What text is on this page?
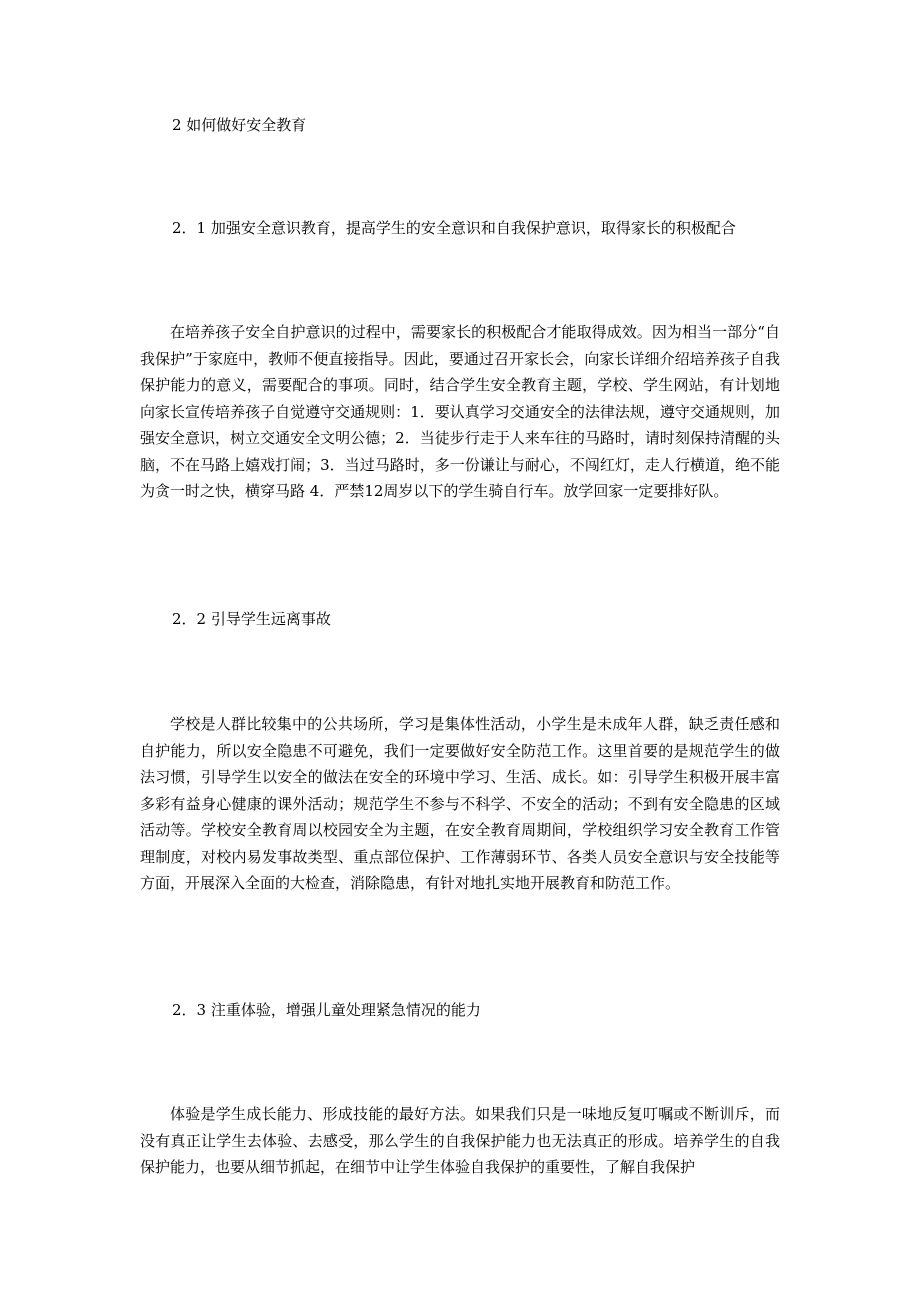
2 如何做好安全教育
2．1 加强安全意识教育，提高学生的安全意识和自我保护意识，取得家长的积极配合
在培养孩子安全自护意识的过程中，需要家长的积极配合才能取得成效。因为相当一部分“自我保护”于家庭中，教师不便直接指导。因此，要通过召开家长会，向家长详细介绍培养孩子自我保护能力的意义，需要配合的事项。同时，结合学生安全教育主题，学校、学生网站，有计划地向家长宣传培养孩子自觉遵守交通规则：1．要认真学习交通安全的法律法规，遵守交通规则，加强安全意识，树立交通安全文明公德；2．当徒步行走于人来车往的马路时，请时刻保持清醒的头脑，不在马路上嬉戏打闹；3．当过马路时，多一份谦让与耐心，不闯红灯，走人行横道，绝不能为贪一时之快，横穿马路 4．严禁12周岁以下的学生骑自行车。放学回家一定要排好队。
2．2 引导学生远离事故
学校是人群比较集中的公共场所，学习是集体性活动，小学生是未成年人群，缺乏责任感和自护能力，所以安全隐患不可避免，我们一定要做好安全防范工作。这里首要的是规范学生的做法习惯，引导学生以安全的做法在安全的环境中学习、生活、成长。如：引导学生积极开展丰富多彩有益身心健康的课外活动；规范学生不参与不科学、不安全的活动；不到有安全隐患的区域活动等。学校安全教育周以校园安全为主题，在安全教育周期间，学校组织学习安全教育工作管理制度，对校内易发事故类型、重点部位保护、工作薄弱环节、各类人员安全意识与安全技能等方面，开展深入全面的大检查，消除隐患，有针对地扎实地开展教育和防范工作。
2．3 注重体验，增强儿童处理紧急情况的能力
体验是学生成长能力、形成技能的最好方法。如果我们只是一味地反复叮嘱或不断训斥，而没有真正让学生去体验、去感受，那么学生的自我保护能力也无法真正的形成。培养学生的自我保护能力，也要从细节抓起，在细节中让学生体验自我保护的重要性，了解自我保护
